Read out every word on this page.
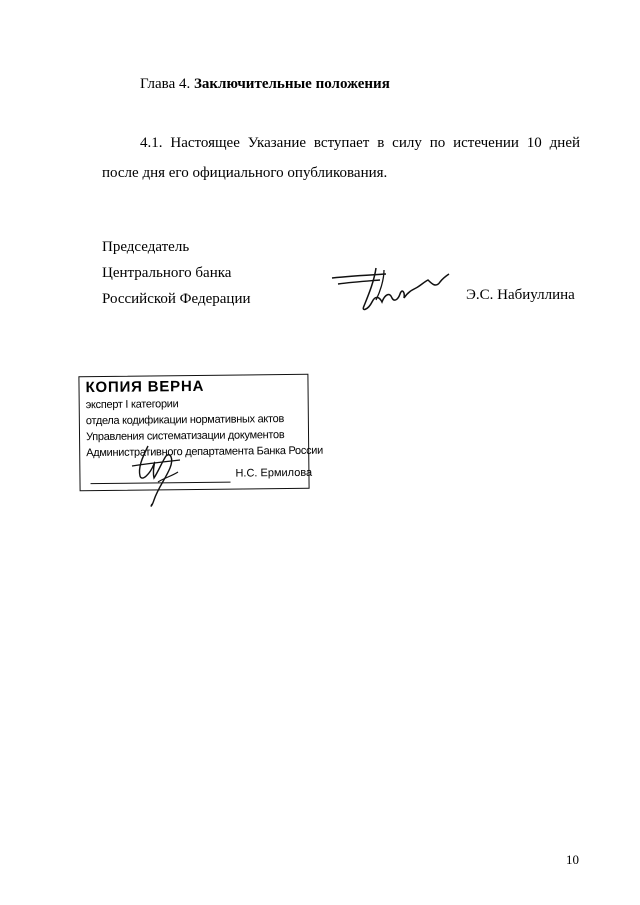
Глава 4. Заключительные положения
4.1. Настоящее Указание вступает в силу по истечении 10 дней
после дня его официального опубликования.
Председатель
Центрального банка
Российской Федерации	Э.С. Набиуллина
КОПИЯ ВЕРНА
эксперт I категории
отдела кодификации нормативных актов
Управления систематизации документов
Административного департамента Банка России
Н.С. Ермилова
10
